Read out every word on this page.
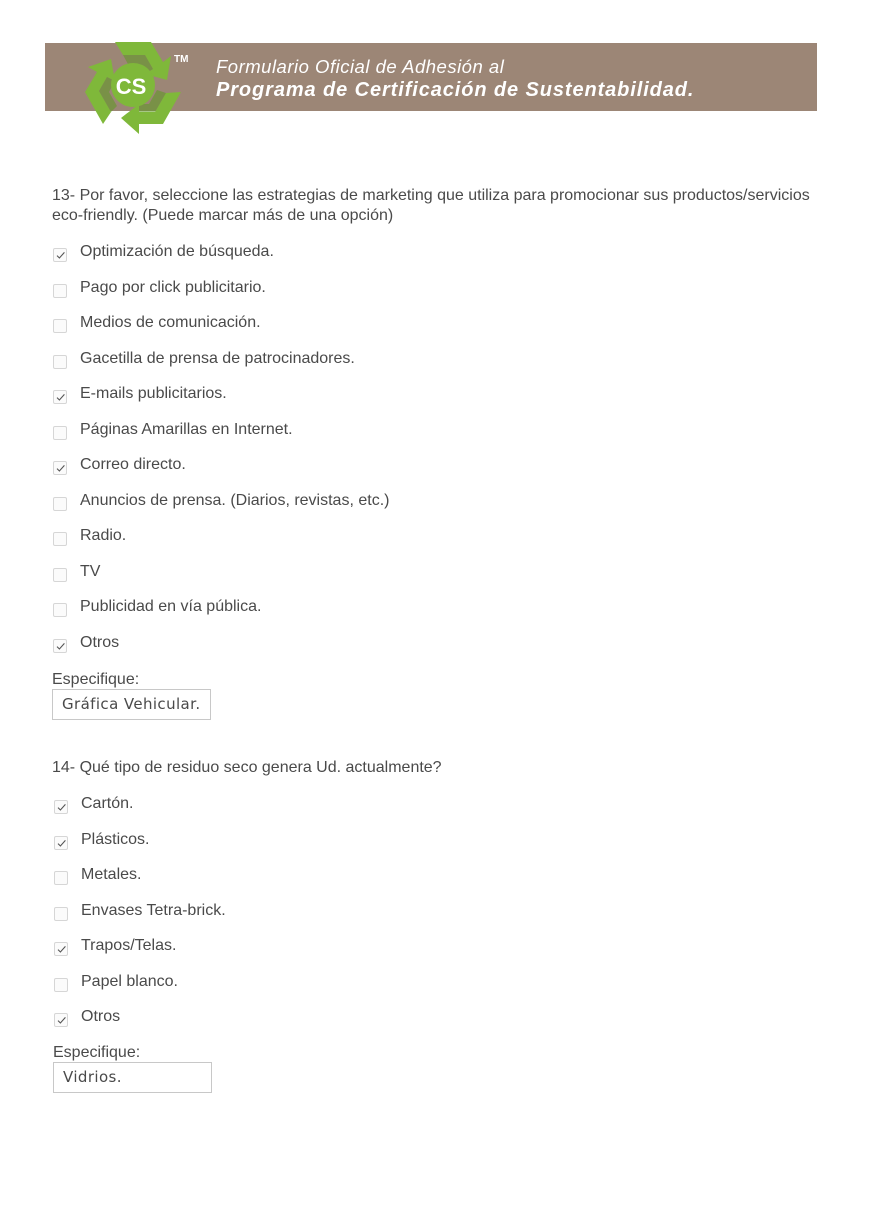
CS
TM Formulario Oficial de Adhesión al
Programa de Certificación de Sustentabilidad.
13- Por favor, seleccione las estrategias de marketing que utiliza para promocionar sus productos/servicios eco-friendly. (Puede marcar más de una opción)
Optimización de búsqueda.
Pago por click publicitario.
Medios de comunicación.
Gacetilla de prensa de patrocinadores.
E-mails publicitarios.
Páginas Amarillas en Internet.
Correo directo.
Anuncios de prensa. (Diarios, revistas, etc.)
Radio.
TV
Publicidad en vía pública.
Otros
Especifique:
Gráfica Vehicular.
14- Qué tipo de residuo seco genera Ud. actualmente?
Cartón.
Plásticos.
Metales.
Envases Tetra-brick.
Trapos/Telas.
Papel blanco.
Otros
Especifique:
Vidrios.
